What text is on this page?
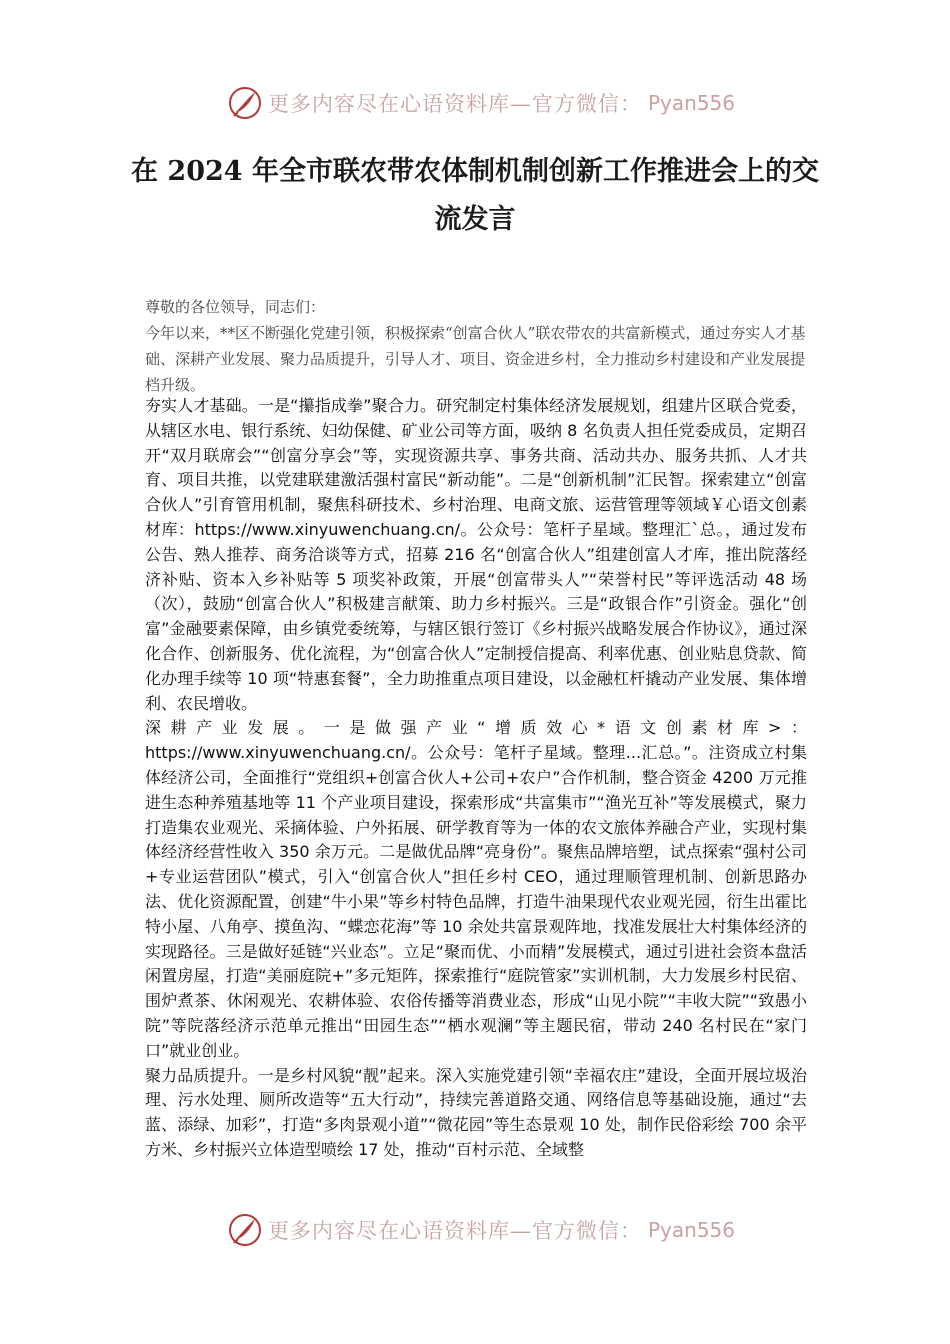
更多内容尽在心语资料库—官方微信： Pyan556
在 2024 年全市联农带农体制机制创新工作推进会上的交流发言

尊敬的各位领导，同志们：

今年以来，**区不断强化党建引领，积极探索“创富合伙人”联农带农的共富新模式，通过夯实人才基础、深耕产业发展、聚力品质提升，引导人才、项目、资金进乡村，全力推动乡村建设和产业发展提档升级。

夯实人才基础。一是“攥指成拳”聚合力。研究制定村集体经济发展规划，组建片区联合党委，从辖区水电、银行系统、妇幼保健、矿业公司等方面，吸纳 8 名负责人担任党委成员，定期召开“双月联席会”“创富分享会”等，实现资源共享、事务共商、活动共办、服务共抓、人才共育、项目共推，以党建联建激活强村富民“新动能”。二是“创新机制”汇民智。探索建立“创富合伙人”引育管用机制，聚焦科研技术、乡村治理、电商文旅、运营管理等领域￥心语文创素材库：https://www.xinyuwenchuang.cn/。公众号：笔杆子星域。整理汇`总。，通过发布公告、熟人推荐、商务洽谈等方式，招募 216 名“创富合伙人”组建创富人才库，推出院落经济补贴、资本入乡补贴等 5 项奖补政策，开展“创富带头人”“荣誉村民”等评选活动 48 场（次），鼓励“创富合伙人”积极建言献策、助力乡村振兴。三是“政银合作”引资金。强化“创富”金融要素保障，由乡镇党委统筹，与辖区银行签订《乡村振兴战略发展合作协议》，通过深化合作、创新服务、优化流程，为“创富合伙人”定制授信提高、利率优惠、创业贴息贷款、简化办理手续等 10 项“特惠套餐”，全力助推重点项目建设，以金融杠杆撬动产业发展、集体增利、农民增收。

深耕产业发展。一是做强产业“增质效心*语文创素材库>：https://www.xinyuwenchuang.cn/。公众号：笔杆子星域。整理...汇总。”。注资成立村集体经济公司，全面推行“党组织+创富合伙人+公司+农户”合作机制，整合资金 4200 万元推进生态种养殖基地等 11 个产业项目建设，探索形成“共富集市”“渔光互补”等发展模式，聚力打造集农业观光、采摘体验、户外拓展、研学教育等为一体的农文旅体养融合产业，实现村集体经济经营性收入 350 余万元。二是做优品牌“亮身份”。聚焦品牌培塑，试点探索“强村公司+专业运营团队”模式，引入“创富合伙人”担任乡村 CEO，通过理顺管理机制、创新思路办法、优化资源配置，创建“牛小果”等乡村特色品牌，打造牛油果现代农业观光园，衍生出霍比特小屋、八角亭、摸鱼沟、“蝶恋花海”等 10 余处共富景观阵地，找准发展壮大村集体经济的实现路径。三是做好延链“兴业态”。立足“聚而优、小而精”发展模式，通过引进社会资本盘活闲置房屋，打造“美丽庭院+”多元矩阵，探索推行“庭院管家”实训机制，大力发展乡村民宿、围炉煮茶、休闲观光、农耕体验、农俗传播等消费业态，形成“山见小院”“丰收大院”“致愚小院”等院落经济示范单元推出“田园生态”“栖水观澜”等主题民宿，带动 240 名村民在“家门口”就业创业。

聚力品质提升。一是乡村风貌“靓”起来。深入实施党建引领“幸福农庄”建设，全面开展垃圾治理、污水处理、厕所改造等“五大行动”，持续完善道路交通、网络信息等基础设施，通过“去蓝、添绿、加彩”，打造“多肉景观小道”“微花园”等生态景观 10 处，制作民俗彩绘 700 余平方米、乡村振兴立体造型喷绘 17 处，推动“百村示范、全域整

更多内容尽在心语资料库—官方微信： Pyan556
